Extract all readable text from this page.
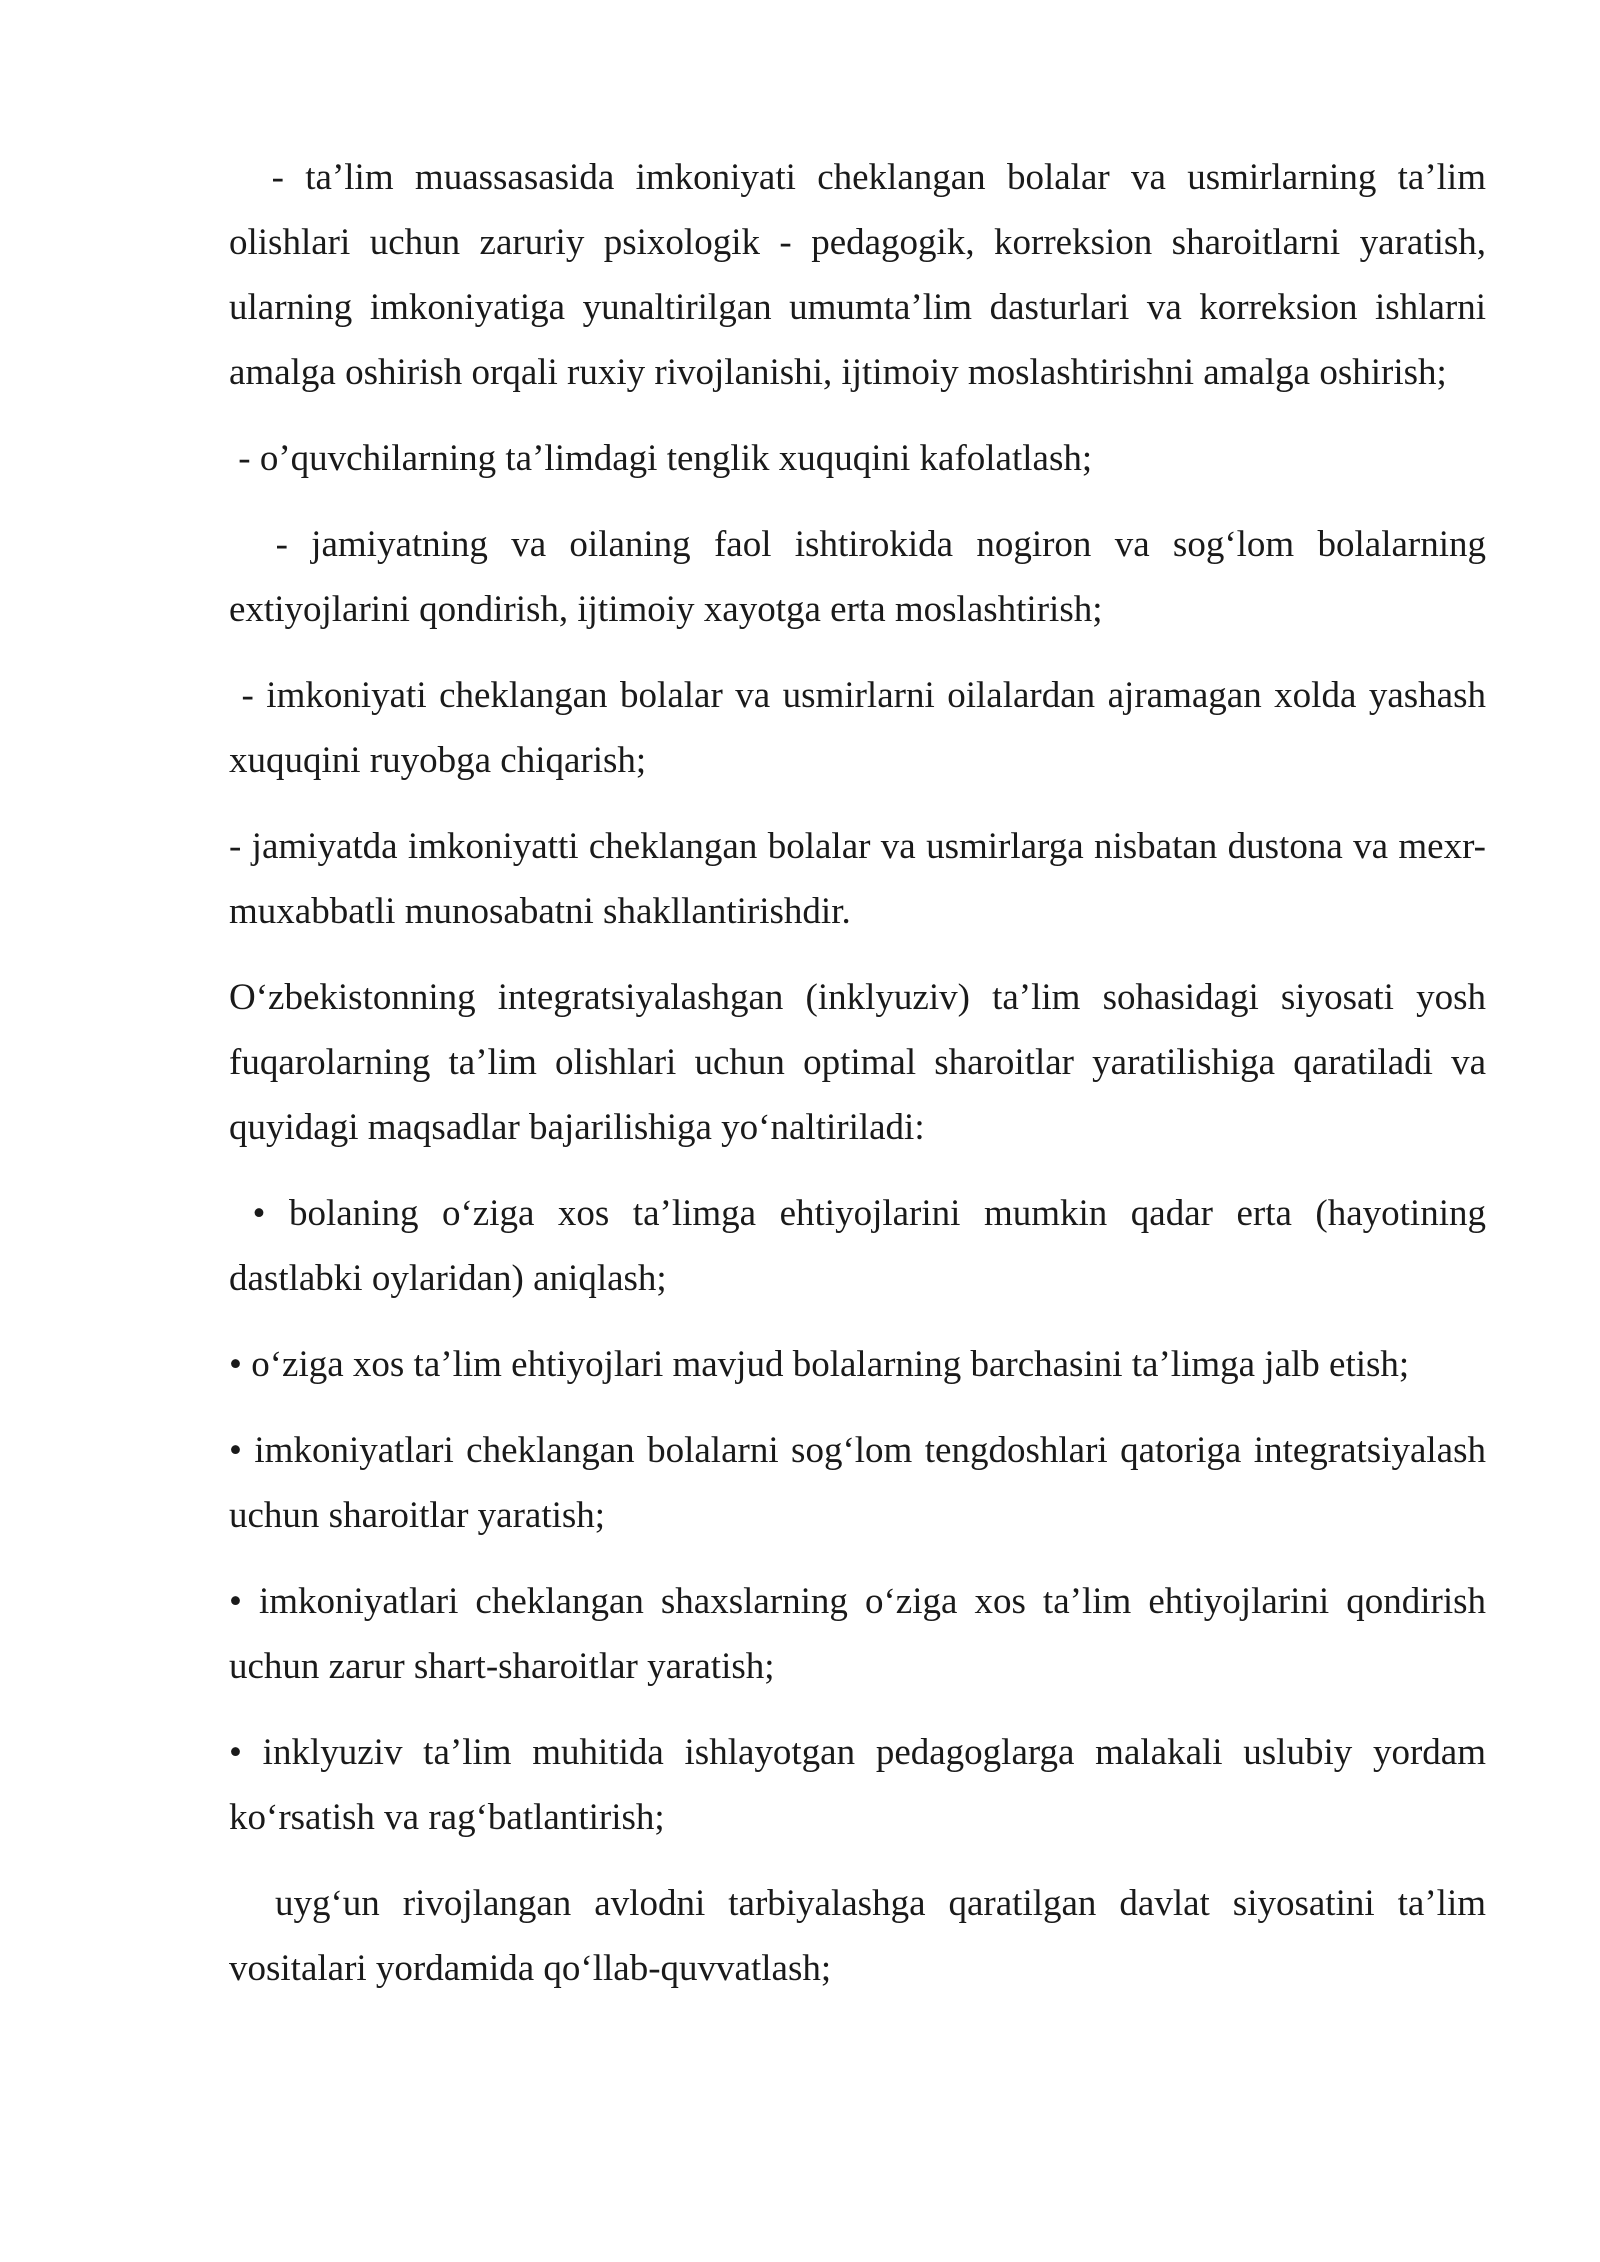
- ta’lim muassasasida imkoniyati cheklangan bolalar va usmirlarning ta’lim olishlari uchun zaruriy psixologik - pedagogik, korreksion sharoitlarni yaratish, ularning imkoniyatiga yunaltirilgan umumta’lim dasturlari va korreksion ishlarni amalga oshirish orqali ruxiy rivojlanishi, ijtimoiy moslashtirishni amalga oshirish;

- o’quvchilarning ta’limdagi tenglik xuquqini kafolatlash;

- jamiyatning va oilaning faol ishtirokida nogiron va sog‘lom bolalarning extiyojlarini qondirish, ijtimoiy xayotga erta moslashtirish;

- imkoniyati cheklangan bolalar va usmirlarni oilalardan ajramagan xolda yashash xuquqini ruyobga chiqarish;

- jamiyatda imkoniyatti cheklangan bolalar va usmirlarga nisbatan dustona va mexr-muxabbatli munosabatni shakllantirishdir.

O‘zbekistonning integratsiyalashgan (inklyuziv) ta’lim sohasidagi siyosati yosh fuqarolarning ta’lim olishlari uchun optimal sharoitlar yaratilishiga qaratiladi va quyidagi maqsadlar bajarilishiga yo‘naltiriladi:

• bolaning o‘ziga xos ta’limga ehtiyojlarini mumkin qadar erta (hayotining dastlabki oylaridan) aniqlash;

• o‘ziga xos ta’lim ehtiyojlari mavjud bolalarning barchasini ta’limga jalb etish;

• imkoniyatlari cheklangan bolalarni sog‘lom tengdoshlari qatoriga integratsiyalash uchun sharoitlar yaratish;

• imkoniyatlari cheklangan shaxslarning o‘ziga xos ta’lim ehtiyojlarini qondirish uchun zarur shart-sharoitlar yaratish;

• inklyuziv ta’lim muhitida ishlayotgan pedagoglarga malakali uslubiy yordam ko‘rsatish va rag‘batlantirish;

uyg‘un rivojlangan avlodni tarbiyalashga qaratilgan davlat siyosatini ta’lim vositalari yordamida qo‘llab-quvvatlash;
